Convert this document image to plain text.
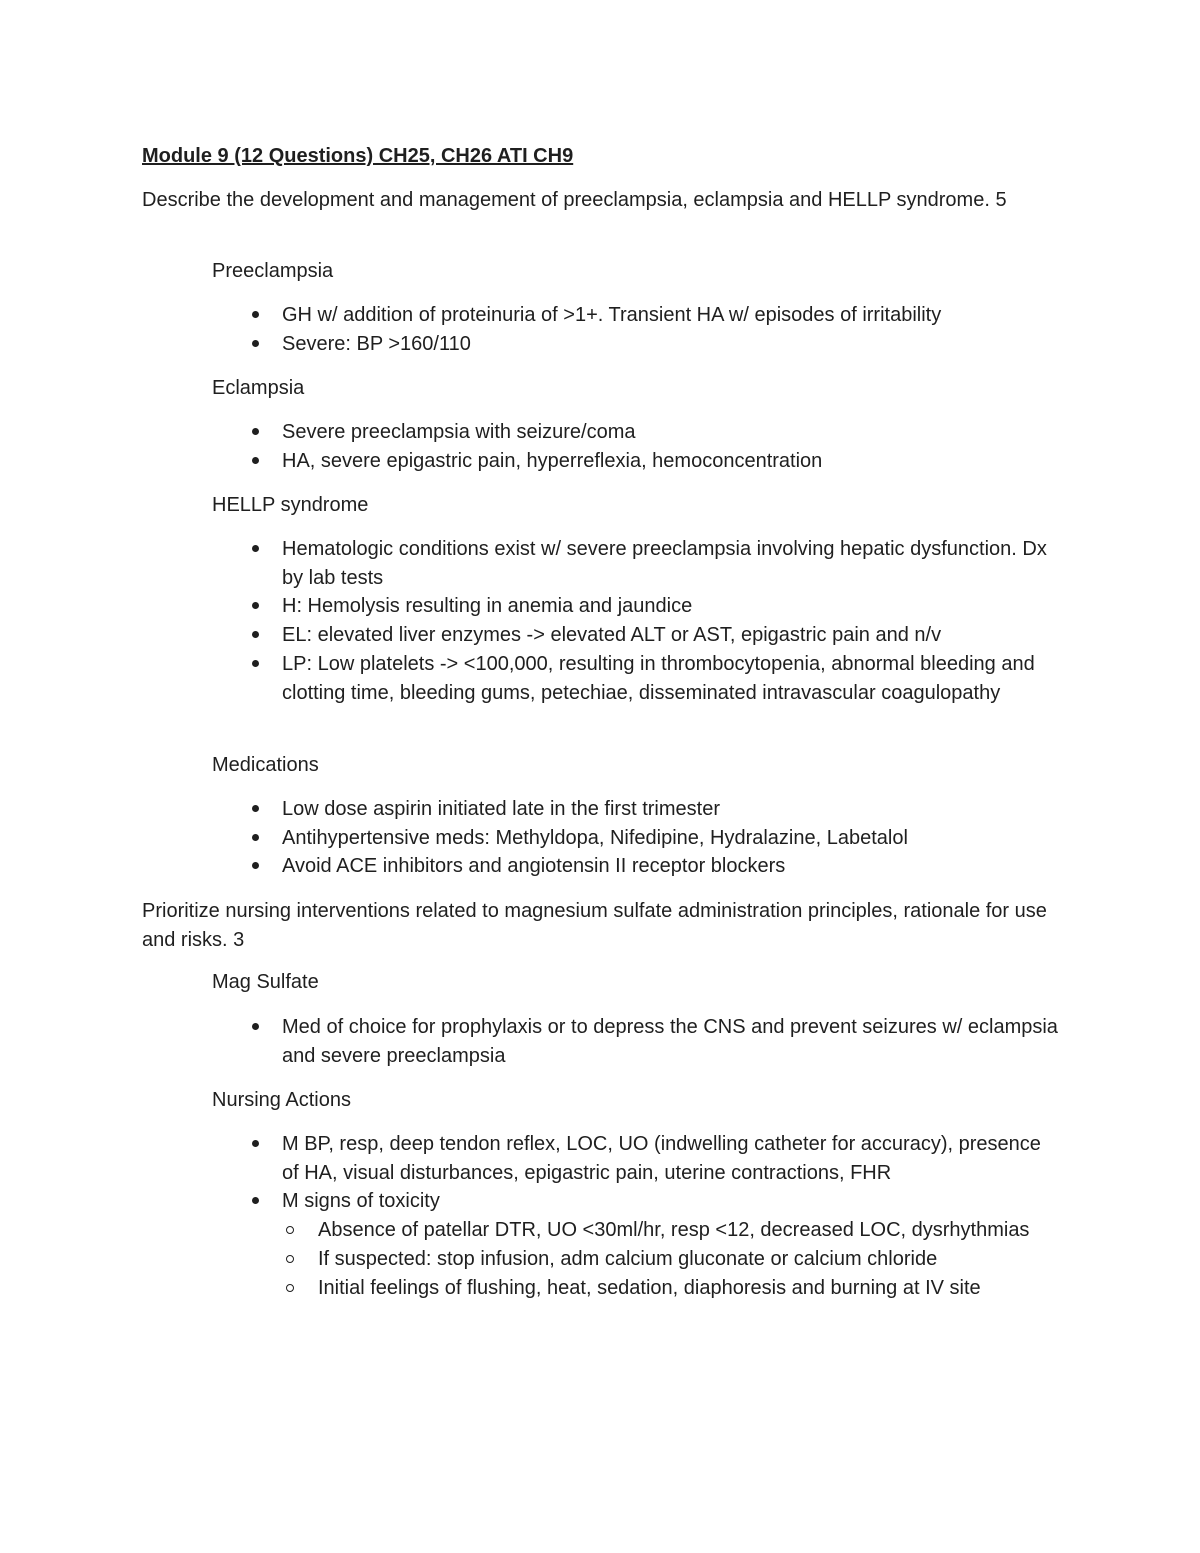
Module 9 (12 Questions) CH25, CH26 ATI CH9

Describe the development and management of preeclampsia, eclampsia and HELLP syndrome. 5

Preeclampsia

GH w/ addition of proteinuria of >1+. Transient HA w/ episodes of irritability
Severe: BP >160/110

Eclampsia

Severe preeclampsia with seizure/coma
HA, severe epigastric pain, hyperreflexia, hemoconcentration

HELLP syndrome

Hematologic conditions exist w/ severe preeclampsia involving hepatic dysfunction. Dx by lab tests
H: Hemolysis resulting in anemia and jaundice
EL: elevated liver enzymes -> elevated ALT or AST, epigastric pain and n/v
LP: Low platelets -> <100,000, resulting in thrombocytopenia, abnormal bleeding and clotting time, bleeding gums, petechiae, disseminated intravascular coagulopathy

Medications

Low dose aspirin initiated late in the first trimester
Antihypertensive meds: Methyldopa, Nifedipine, Hydralazine, Labetalol
Avoid ACE inhibitors and angiotensin II receptor blockers

Prioritize nursing interventions related to magnesium sulfate administration principles, rationale for use and risks. 3

Mag Sulfate

Med of choice for prophylaxis or to depress the CNS and prevent seizures w/ eclampsia and severe preeclampsia

Nursing Actions

M BP, resp, deep tendon reflex, LOC, UO (indwelling catheter for accuracy), presence of HA, visual disturbances, epigastric pain, uterine contractions, FHR
M signs of toxicity
Absence of patellar DTR, UO <30ml/hr, resp <12, decreased LOC, dysrhythmias
If suspected: stop infusion, adm calcium gluconate or calcium chloride
Initial feelings of flushing, heat, sedation, diaphoresis and burning at IV site
